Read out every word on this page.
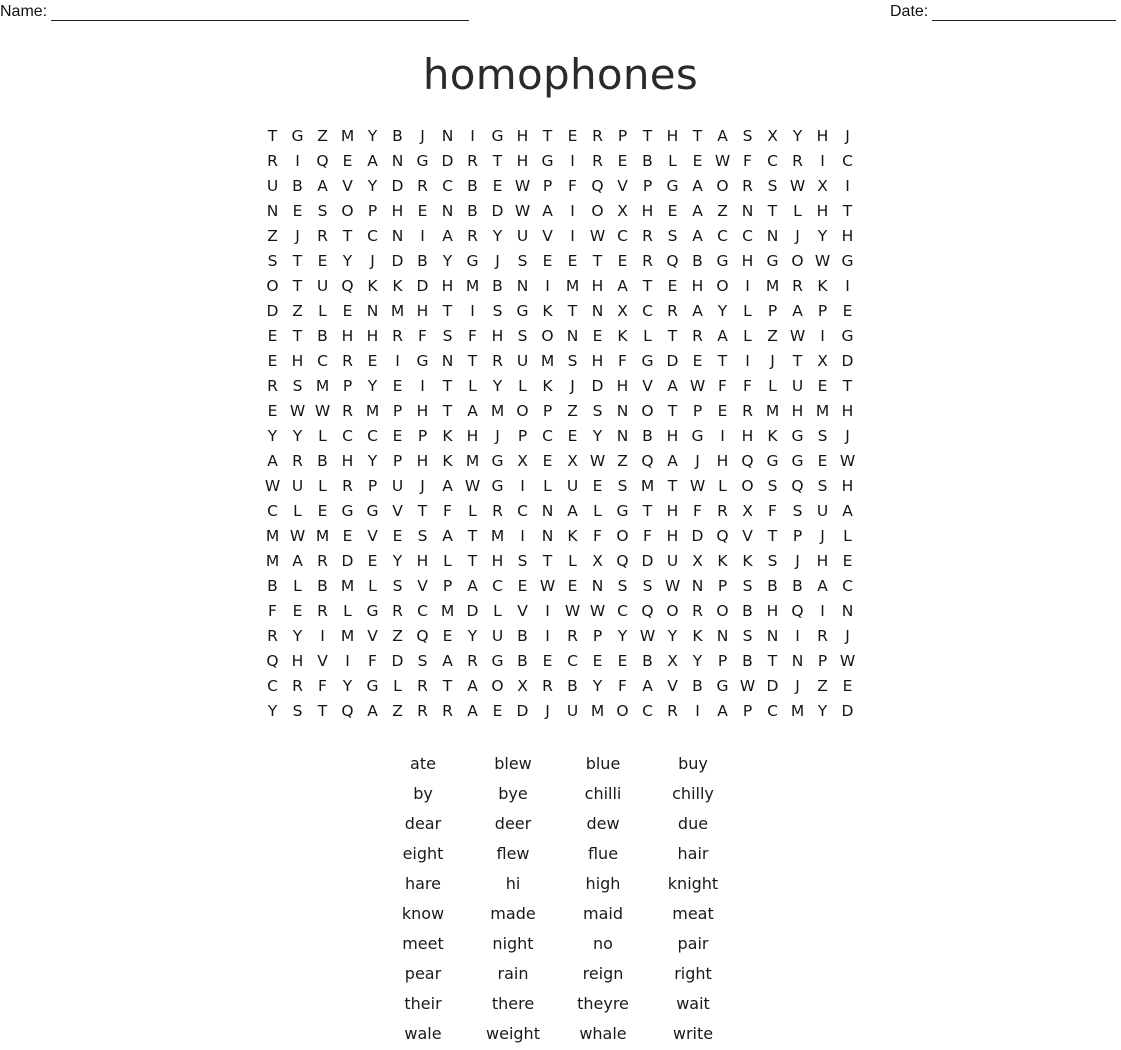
Name:	Date:
homophones
T G Z M Y B	J	N	I	G H T E R P	T H T A S X Y H	J
R	I	Q E A N G D R T H G	I	R E B L	E W F C R	I	C
U B A V Y D R C B E W P	F Q V P G A O R S W X	I
N E S O P H E N B D W A	I	O X H E A Z N T	L H T
Z	J	R T C N	I	A R Y U V	I W C R S A C C N	J	Y H
S T E Y	J	D B Y G	J	S E E T E R Q B G H G O W G
O T U Q K K D H M B N	I	M H A T E H O	I	M R K	I
D Z L	E N M H T	I	S G K T N X C R A Y	L	P A P E
E T B H H R F	S	F H S O N E K	L	T R A L Z W I	G
E H C R E	I	G N T R U M S H F G D E T	I	J	T X D
R S M P	Y E	I	T	L	Y	L	K	J	D H V A W F	F	L U E T
E W W R M P H T A M O P Z S N O T	P E R M H M H
Y	Y	L C C E P K H	J	P C E Y N B H G	I	H K G S	J
A R B H Y	P H K M G X E X W Z Q A	J	H Q G G E W
W U L R P U	J	A W G	I	L U E S M T W L O S Q S H
C L	E G G V T	F	L R C N A L G T H F R X F	S U A
M W M E V E S A T M	I	N K F O F H D Q V T	P	J	L
M A R D E Y H L	T H S T	L X Q D U X K K S	J	H E
B L B M L	S V P A C E W E N S S W N P S B B A C
F	E R L G R C M D L V	I W W C Q O R O B H Q	I	N
R Y	I	M V Z Q E Y U B	I	R P	Y W Y K N S N	I	R	J
Q H V	I	F D S A R G B E C E E B X Y	P B T N P W
C R F	Y G L R T A O X R B Y	F A V B G W D	J	Z E
Y S T Q A Z R R A E D	J	U M O C R	I	A P C M Y D
ate	blew	blue	buy
by	bye	chilli	chilly
dear	deer	dew	due
eight	flew	flue	hair
hare	hi	high	knight
know	made	maid	meat
meet	night	no	pair
pear	rain	reign	right
their	there	theyre	wait
wale	weight	whale	write
